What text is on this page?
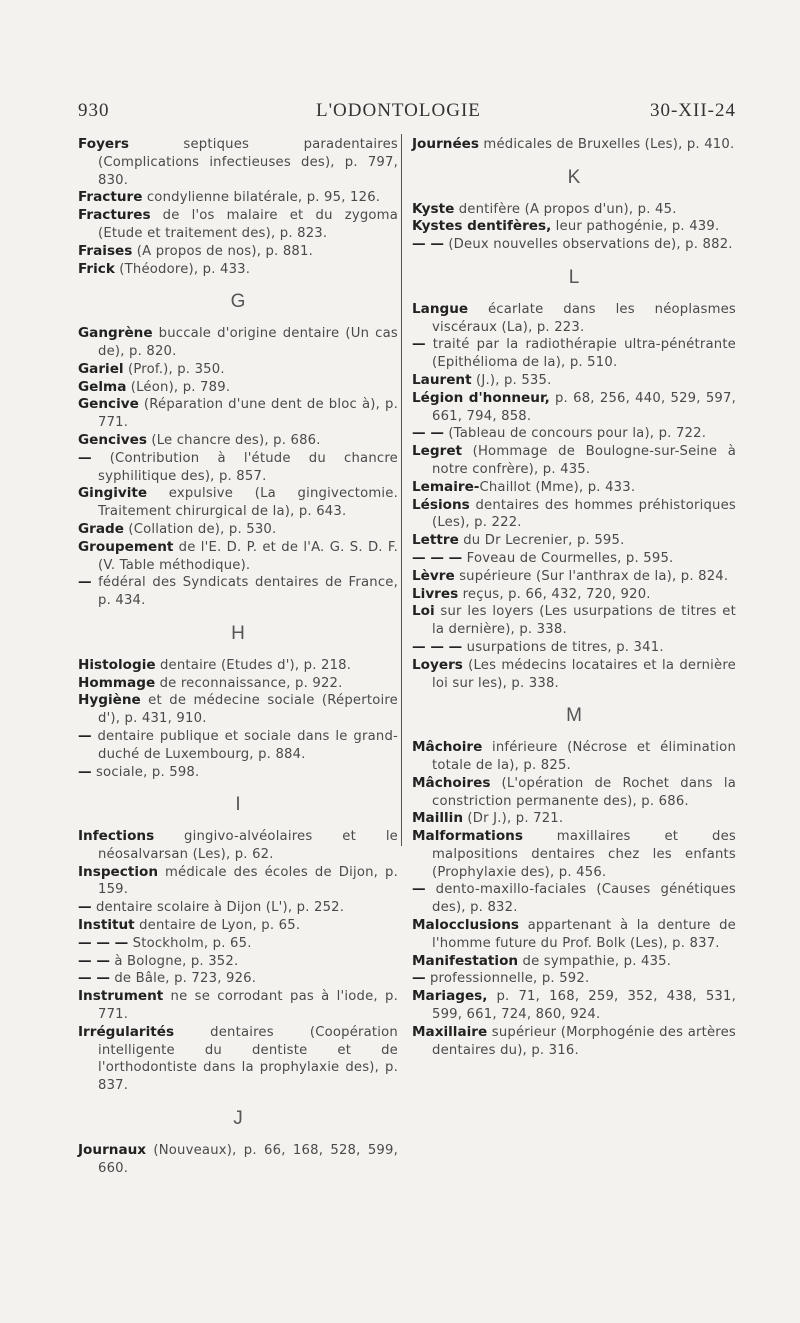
930	L'ODONTOLOGIE	30-XII-24

Foyers septiques paradentaires (Complications infectieuses des), p. 797, 830.

Fracture condylienne bilatérale, p. 95, 126.

Fractures de l'os malaire et du zygoma (Etude et traitement des), p. 823.

Fraises (A propos de nos), p. 881.

Frick (Théodore), p. 433.

G

Gangrène buccale d'origine dentaire (Un cas de), p. 820.

Gariel (Prof.), p. 350.

Gelma (Léon), p. 789.

Gencive (Réparation d'une dent de bloc à), p. 771.

Gencives (Le chancre des), p. 686.

— (Contribution à l'étude du chancre syphilitique des), p. 857.

Gingivite expulsive (La gingivectomie. Traitement chirurgical de la), p. 643.

Grade (Collation de), p. 530.

Groupement de l'E. D. P. et de l'A. G. S. D. F. (V. Table méthodique).

— fédéral des Syndicats dentaires de France, p. 434.

H

Histologie dentaire (Etudes d'), p. 218.

Hommage de reconnaissance, p. 922.

Hygiène et de médecine sociale (Répertoire d'), p. 431, 910.

— dentaire publique et sociale dans le grand-duché de Luxembourg, p. 884.

— sociale, p. 598.

I

Infections gingivo-alvéolaires et le néosalvarsan (Les), p. 62.

Inspection médicale des écoles de Dijon, p. 159.

— dentaire scolaire à Dijon (L'), p. 252.

Institut dentaire de Lyon, p. 65.

— — — Stockholm, p. 65.

— — à Bologne, p. 352.

— — de Bâle, p. 723, 926.

Instrument ne se corrodant pas à l'iode, p. 771.

Irrégularités dentaires (Coopération intelligente du dentiste et de l'orthodontiste dans la prophylaxie des), p. 837.

J

Journaux (Nouveaux), p. 66, 168, 528, 599, 660.

Journées médicales de Bruxelles (Les), p. 410.

K

Kyste dentifère (A propos d'un), p. 45.

Kystes dentifères, leur pathogénie, p. 439.

— — (Deux nouvelles observations de), p. 882.

L

Langue écarlate dans les néoplasmes viscéraux (La), p. 223.

— traité par la radiothérapie ultra-pénétrante (Epithélioma de la), p. 510.

Laurent (J.), p. 535.

Légion d'honneur, p. 68, 256, 440, 529, 597, 661, 794, 858.

— — (Tableau de concours pour la), p. 722.

Legret (Hommage de Boulogne-sur-Seine à notre confrère), p. 435.

Lemaire-Chaillot (Mme), p. 433.

Lésions dentaires des hommes préhistoriques (Les), p. 222.

Lettre du Dr Lecrenier, p. 595.

— — — Foveau de Courmelles, p. 595.

Lèvre supérieure (Sur l'anthrax de la), p. 824.

Livres reçus, p. 66, 432, 720, 920.

Loi sur les loyers (Les usurpations de titres et la dernière), p. 338.

— — — usurpations de titres, p. 341.

Loyers (Les médecins locataires et la dernière loi sur les), p. 338.

M

Mâchoire inférieure (Nécrose et élimination totale de la), p. 825.

Mâchoires (L'opération de Rochet dans la constriction permanente des), p. 686.

Maillin (Dr J.), p. 721.

Malformations maxillaires et des malpositions dentaires chez les enfants (Prophylaxie des), p. 456.

— dento-maxillo-faciales (Causes génétiques des), p. 832.

Malocclusions appartenant à la denture de l'homme future du Prof. Bolk (Les), p. 837.

Manifestation de sympathie, p. 435.

— professionnelle, p. 592.

Mariages, p. 71, 168, 259, 352, 438, 531, 599, 661, 724, 860, 924.

Maxillaire supérieur (Morphogénie des artères dentaires du), p. 316.
